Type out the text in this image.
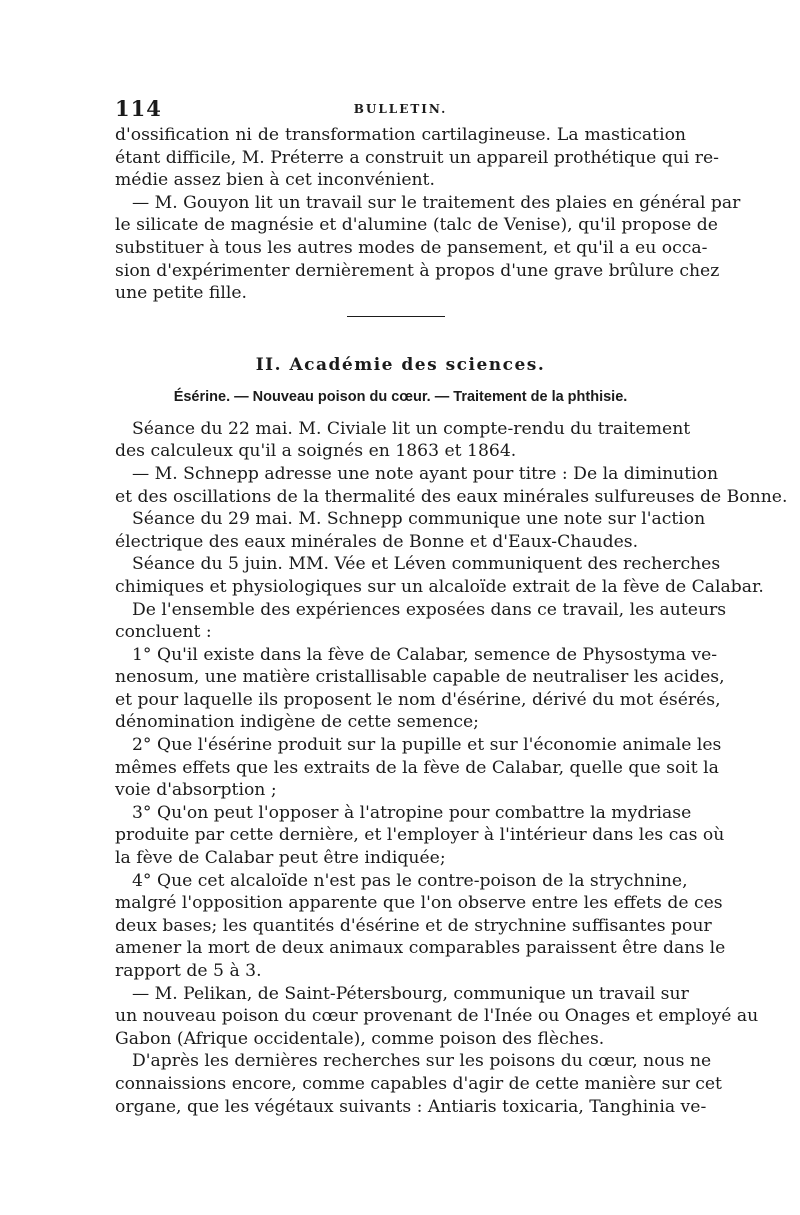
114	BULLETIN.
d'ossification ni de transformation cartilagineuse. La mastication
étant difficile, M. Préterre a construit un appareil prothétique qui re-
médie assez bien à cet inconvénient.
— M. Gouyon lit un travail sur le traitement des plaies en général par
le silicate de magnésie et d'alumine (talc de Venise), qu'il propose de
substituer à tous les autres modes de pansement, et qu'il a eu occa-
sion d'expérimenter dernièrement à propos d'une grave brûlure chez
une petite fille.
II. Académie des sciences.
Ésérine. — Nouveau poison du cœur. — Traitement de la phthisie.
Séance du 22 mai. M. Civiale lit un compte-rendu du traitement
des calculeux qu'il a soignés en 1863 et 1864.
— M. Schnepp adresse une note ayant pour titre : De la diminution
et des oscillations de la thermalité des eaux minérales sulfureuses de Bonne.
Séance du 29 mai. M. Schnepp communique une note sur l'action
électrique des eaux minérales de Bonne et d'Eaux-Chaudes.
Séance du 5 juin. MM. Vée et Léven communiquent des recherches
chimiques et physiologiques sur un alcaloïde extrait de la fève de Calabar.
De l'ensemble des expériences exposées dans ce travail, les auteurs
concluent :
1° Qu'il existe dans la fève de Calabar, semence de Physostyma ve-
nenosum, une matière cristallisable capable de neutraliser les acides,
et pour laquelle ils proposent le nom d'ésérine, dérivé du mot ésérés,
dénomination indigène de cette semence;
2° Que l'ésérine produit sur la pupille et sur l'économie animale les
mêmes effets que les extraits de la fève de Calabar, quelle que soit la
voie d'absorption ;
3° Qu'on peut l'opposer à l'atropine pour combattre la mydriase
produite par cette dernière, et l'employer à l'intérieur dans les cas où
la fève de Calabar peut être indiquée;
4° Que cet alcaloïde n'est pas le contre-poison de la strychnine,
malgré l'opposition apparente que l'on observe entre les effets de ces
deux bases; les quantités d'ésérine et de strychnine suffisantes pour
amener la mort de deux animaux comparables paraissent être dans le
rapport de 5 à 3.
— M. Pelikan, de Saint-Pétersbourg, communique un travail sur
un nouveau poison du cœur provenant de l'Inée ou Onages et employé au
Gabon (Afrique occidentale), comme poison des flèches.
D'après les dernières recherches sur les poisons du cœur, nous ne
connaissions encore, comme capables d'agir de cette manière sur cet
organe, que les végétaux suivants : Antiaris toxicaria, Tanghinia ve-
